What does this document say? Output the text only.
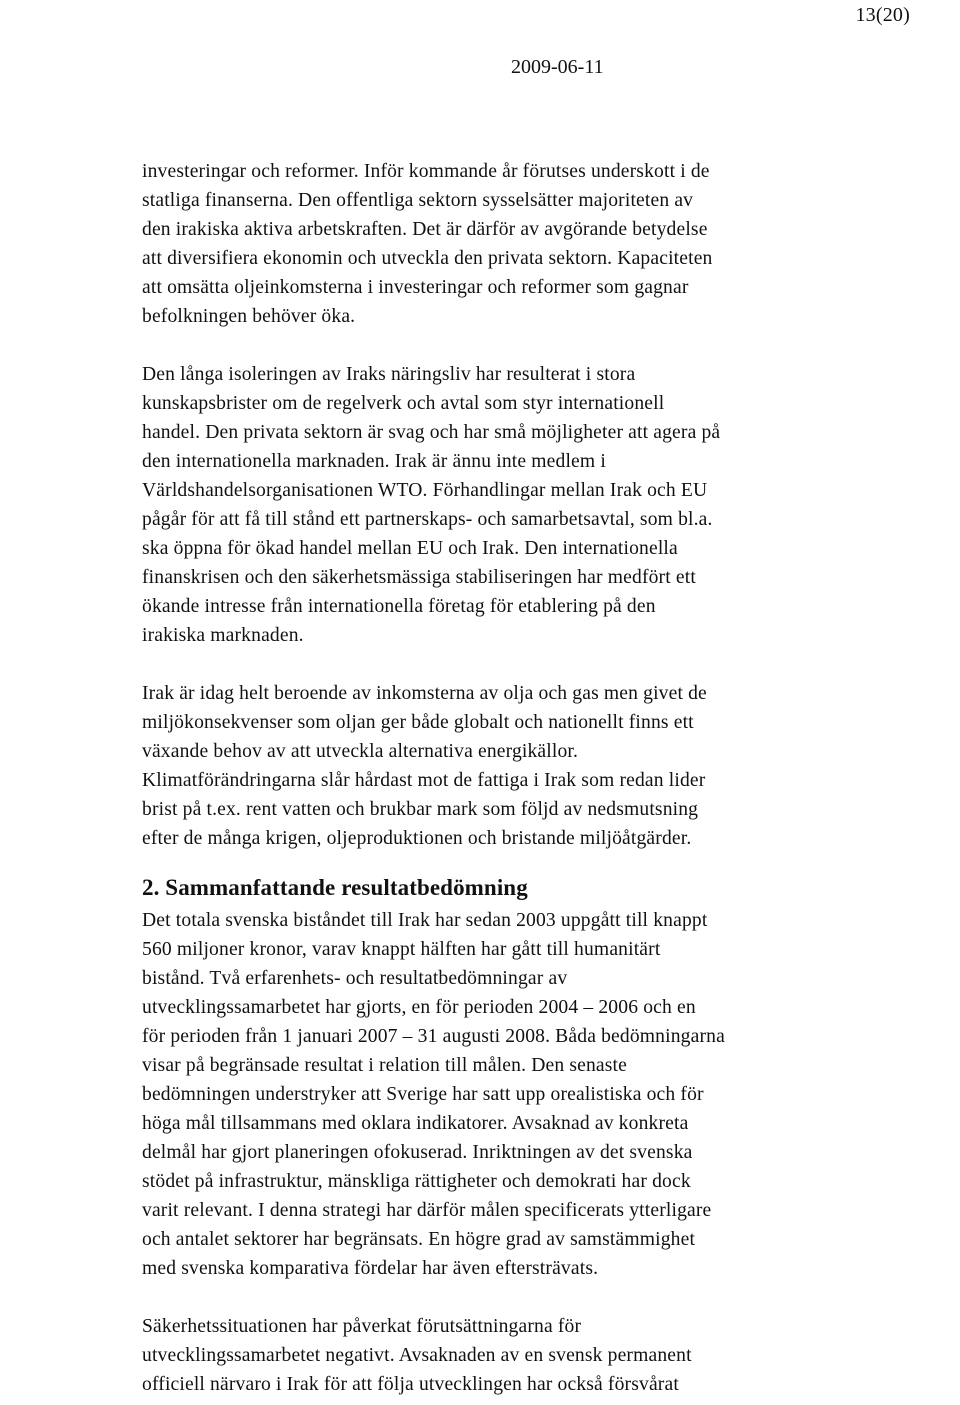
13(20)
2009-06-11

investeringar och reformer. Inför kommande år förutses underskott i de
statliga finanserna. Den offentliga sektorn sysselsätter majoriteten av
den irakiska aktiva arbetskraften. Det är därför av avgörande betydelse
att diversifiera ekonomin och utveckla den privata sektorn. Kapaciteten
att omsätta oljeinkomsterna i investeringar och reformer som gagnar
befolkningen behöver öka.

Den långa isoleringen av Iraks näringsliv har resulterat i stora
kunskapsbrister om de regelverk och avtal som styr internationell
handel. Den privata sektorn är svag och har små möjligheter att agera på
den internationella marknaden. Irak är ännu inte medlem i
Världshandelsorganisationen WTO. Förhandlingar mellan Irak och EU
pågår för att få till stånd ett partnerskaps- och samarbetsavtal, som bl.a.
ska öppna för ökad handel mellan EU och Irak. Den internationella
finanskrisen och den säkerhetsmässiga stabiliseringen har medfört ett
ökande intresse från internationella företag för etablering på den
irakiska marknaden.

Irak är idag helt beroende av inkomsterna av olja och gas men givet de
miljökonsekvenser som oljan ger både globalt och nationellt finns ett
växande behov av att utveckla alternativa energikällor.
Klimatförändringarna slår hårdast mot de fattiga i Irak som redan lider
brist på t.ex. rent vatten och brukbar mark som följd av nedsmutsning
efter de många krigen, oljeproduktionen och bristande miljöåtgärder.

2. Sammanfattande resultatbedömning

Det totala svenska biståndet till Irak har sedan 2003 uppgått till knappt
560 miljoner kronor, varav knappt hälften har gått till humanitärt
bistånd. Två erfarenhets- och resultatbedömningar av
utvecklingssamarbetet har gjorts, en för perioden 2004 – 2006 och en
för perioden från 1 januari 2007 – 31 augusti 2008. Båda bedömningarna
visar på begränsade resultat i relation till målen. Den senaste
bedömningen understryker att Sverige har satt upp orealistiska och för
höga mål tillsammans med oklara indikatorer. Avsaknad av konkreta
delmål har gjort planeringen ofokuserad. Inriktningen av det svenska
stödet på infrastruktur, mänskliga rättigheter och demokrati har dock
varit relevant. I denna strategi har därför målen specificerats ytterligare
och antalet sektorer har begränsats. En högre grad av samstämmighet
med svenska komparativa fördelar har även eftersträvats.

Säkerhetssituationen har påverkat förutsättningarna för
utvecklingssamarbetet negativt. Avsaknaden av en svensk permanent
officiell närvaro i Irak för att följa utvecklingen har också försvårat
